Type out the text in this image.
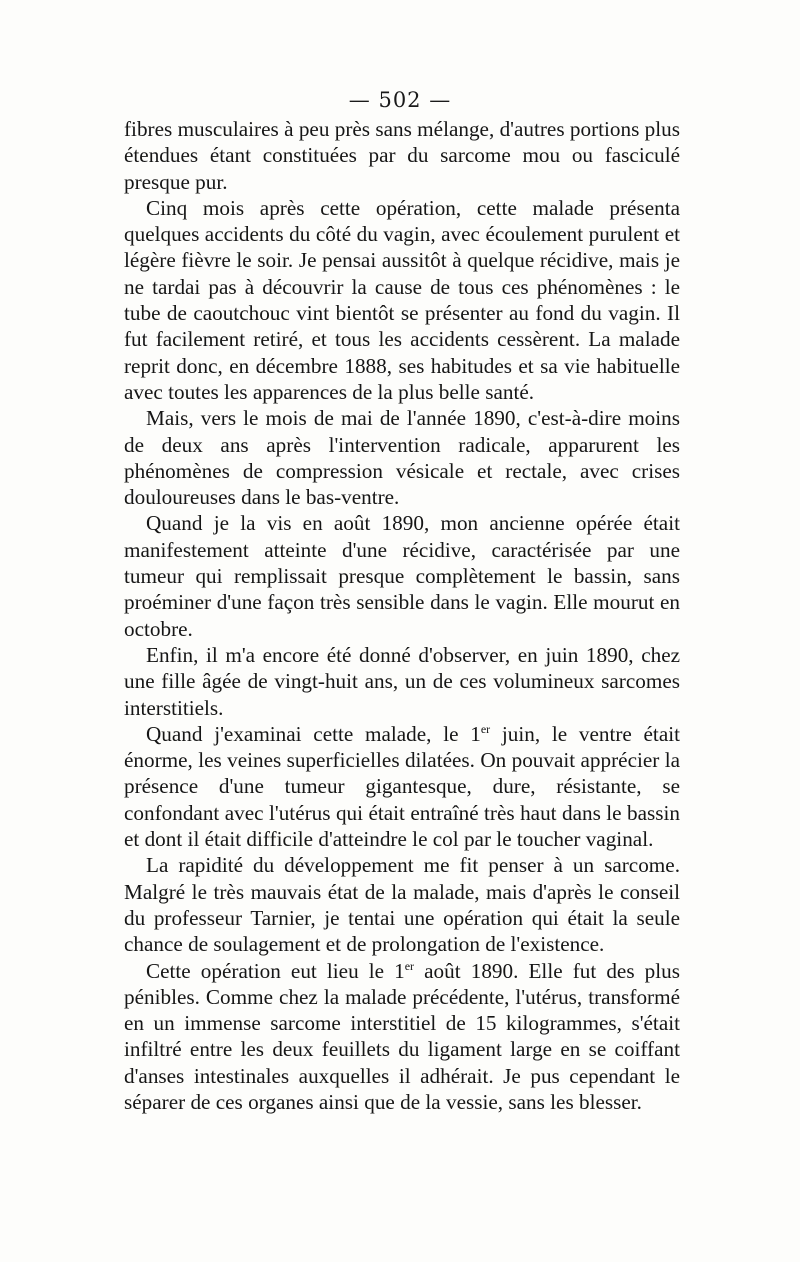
— 502 —

fibres musculaires à peu près sans mélange, d'autres portions plus étendues étant constituées par du sarcome mou ou fasciculé presque pur.

Cinq mois après cette opération, cette malade présenta quelques accidents du côté du vagin, avec écoulement purulent et légère fièvre le soir. Je pensai aussitôt à quelque récidive, mais je ne tardai pas à découvrir la cause de tous ces phénomènes : le tube de caoutchouc vint bientôt se présenter au fond du vagin. Il fut facilement retiré, et tous les accidents cessèrent. La malade reprit donc, en décembre 1888, ses habitudes et sa vie habituelle avec toutes les apparences de la plus belle santé.

Mais, vers le mois de mai de l'année 1890, c'est-à-dire moins de deux ans après l'intervention radicale, apparurent les phénomènes de compression vésicale et rectale, avec crises douloureuses dans le bas-ventre.

Quand je la vis en août 1890, mon ancienne opérée était manifestement atteinte d'une récidive, caractérisée par une tumeur qui remplissait presque complètement le bassin, sans proéminer d'une façon très sensible dans le vagin. Elle mourut en octobre.

Enfin, il m'a encore été donné d'observer, en juin 1890, chez une fille âgée de vingt-huit ans, un de ces volumineux sarcomes interstitiels.

Quand j'examinai cette malade, le 1er juin, le ventre était énorme, les veines superficielles dilatées. On pouvait apprécier la présence d'une tumeur gigantesque, dure, résistante, se confondant avec l'utérus qui était entraîné très haut dans le bassin et dont il était difficile d'atteindre le col par le toucher vaginal.

La rapidité du développement me fit penser à un sarcome. Malgré le très mauvais état de la malade, mais d'après le conseil du professeur Tarnier, je tentai une opération qui était la seule chance de soulagement et de prolongation de l'existence.

Cette opération eut lieu le 1er août 1890. Elle fut des plus pénibles. Comme chez la malade précédente, l'utérus, transformé en un immense sarcome interstitiel de 15 kilogrammes, s'était infiltré entre les deux feuillets du ligament large en se coiffant d'anses intestinales auxquelles il adhérait. Je pus cependant le séparer de ces organes ainsi que de la vessie, sans les blesser.
